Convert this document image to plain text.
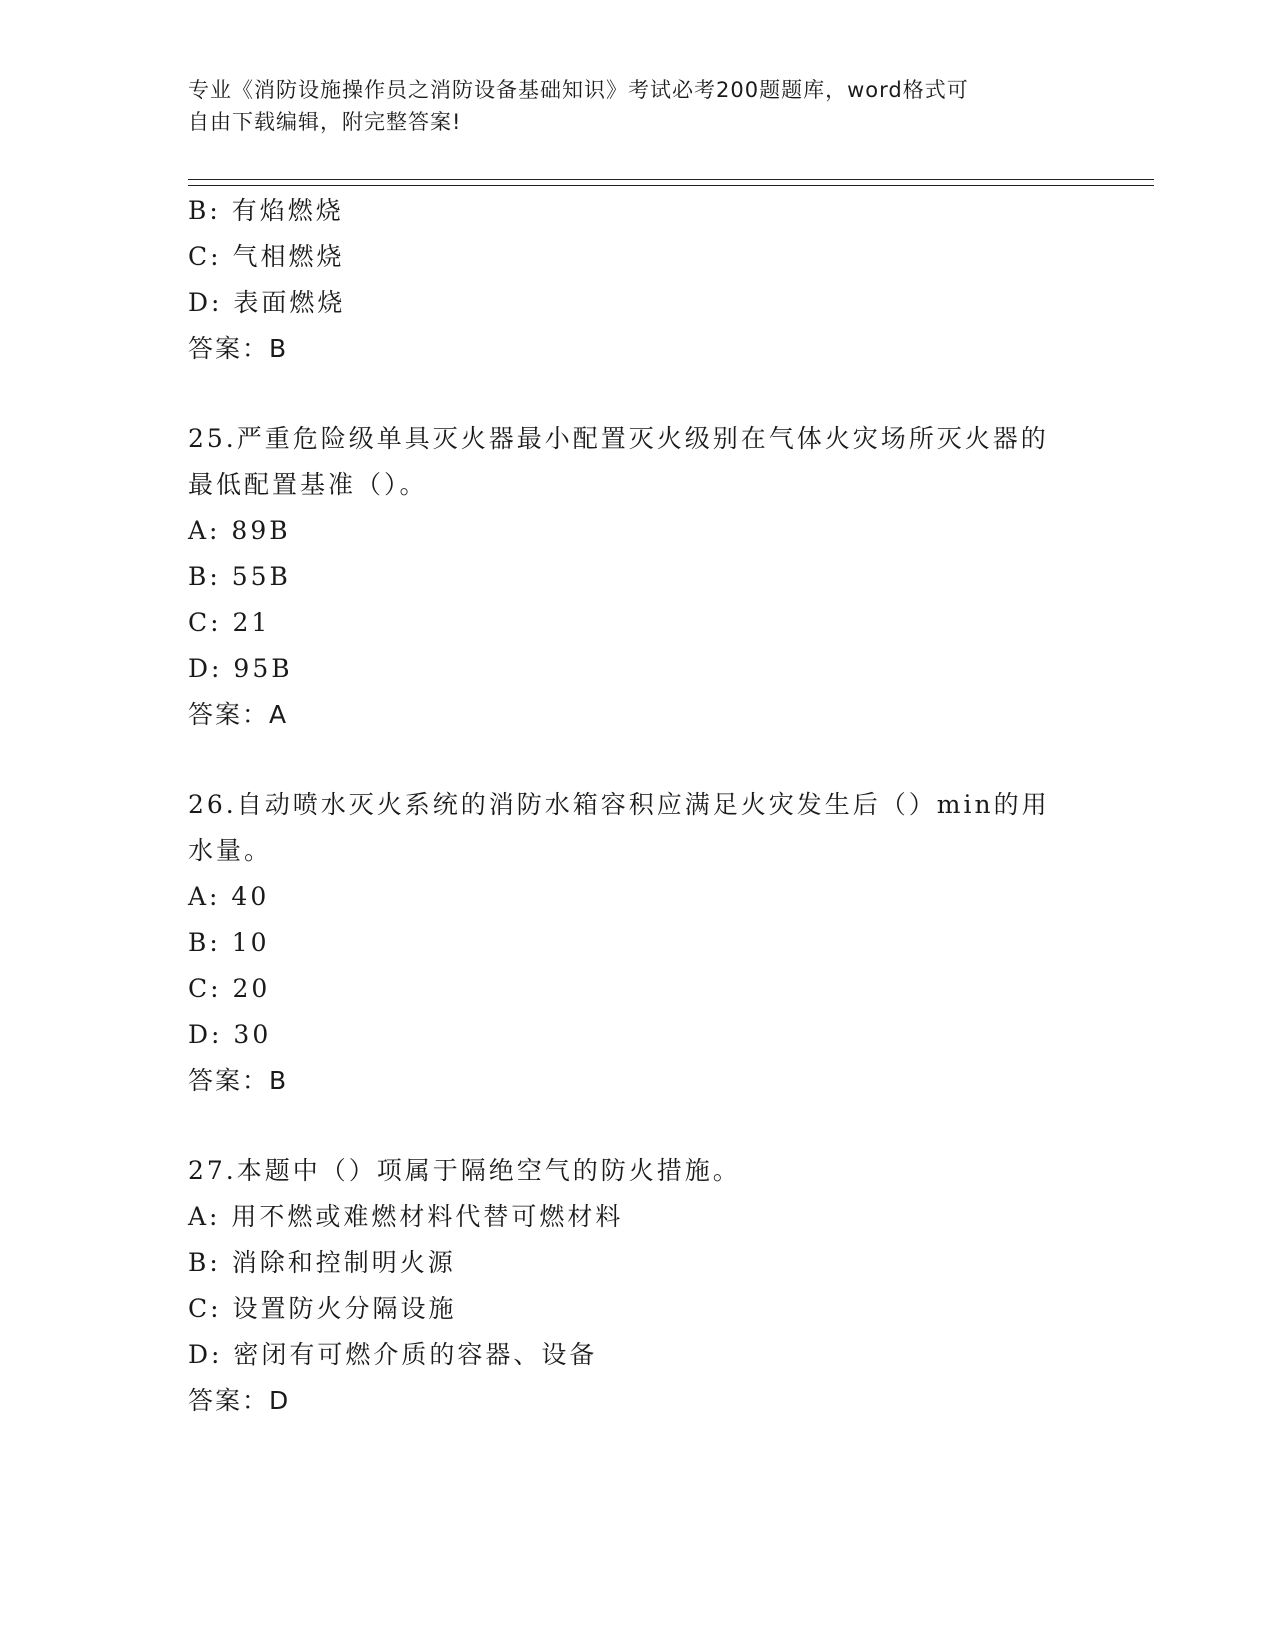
专业《消防设施操作员之消防设备基础知识》考试必考200题题库，word格式可
自由下载编辑，附完整答案!
B: 有焰燃烧
C: 气相燃烧
D: 表面燃烧
答案：B
25.严重危险级单具灭火器最小配置灭火级别在气体火灾场所灭火器的
最低配置基准（）。
A: 89B
B: 55B
C: 21
D: 95B
答案：A
26.自动喷水灭火系统的消防水箱容积应满足火灾发生后（）min的用
水量。
A: 40
B: 10
C: 20
D: 30
答案：B
27.本题中（）项属于隔绝空气的防火措施。
A: 用不燃或难燃材料代替可燃材料
B: 消除和控制明火源
C: 设置防火分隔设施
D: 密闭有可燃介质的容器、设备
答案：D
